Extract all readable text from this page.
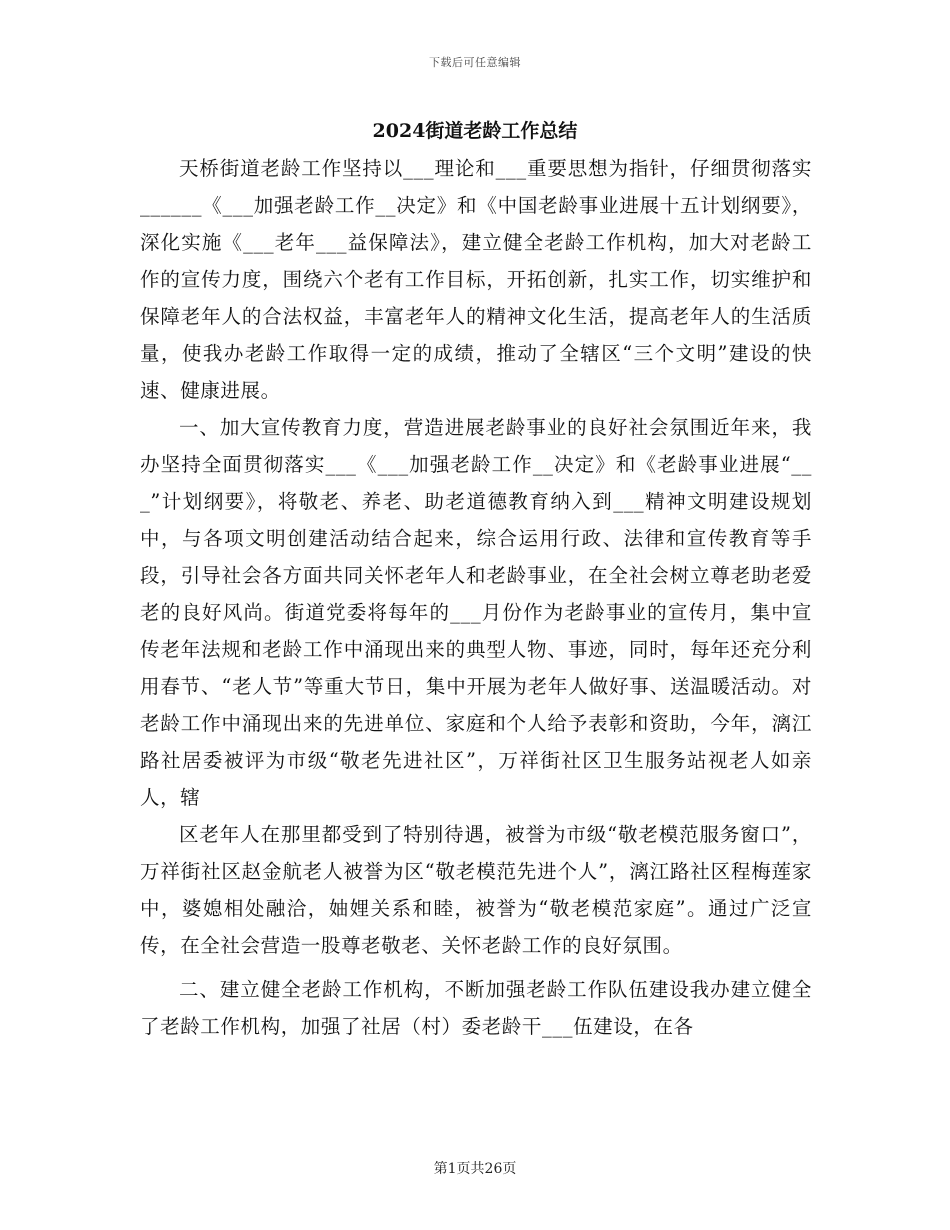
下载后可任意编辑
2024街道老龄工作总结

天桥街道老龄工作坚持以___理论和___重要思想为指针，仔细贯彻落实______《___加强老龄工作__决定》和《中国老龄事业进展十五计划纲要》，深化实施《___老年___益保障法》，建立健全老龄工作机构，加大对老龄工作的宣传力度，围绕六个老有工作目标，开拓创新，扎实工作，切实维护和保障老年人的合法权益，丰富老年人的精神文化生活，提高老年人的生活质量，使我办老龄工作取得一定的成绩，推动了全辖区“三个文明”建设的快速、健康进展。

一、加大宣传教育力度，营造进展老龄事业的良好社会氛围近年来，我办坚持全面贯彻落实___《___加强老龄工作__决定》和《老龄事业进展“___”计划纲要》，将敬老、养老、助老道德教育纳入到___精神文明建设规划中，与各项文明创建活动结合起来，综合运用行政、法律和宣传教育等手段，引导社会各方面共同关怀老年人和老龄事业，在全社会树立尊老助老爱老的良好风尚。街道党委将每年的___月份作为老龄事业的宣传月，集中宣传老年法规和老龄工作中涌现出来的典型人物、事迹，同时，每年还充分利用春节、“老人节”等重大节日，集中开展为老年人做好事、送温暖活动。对老龄工作中涌现出来的先进单位、家庭和个人给予表彰和资助，今年，漓江路社居委被评为市级“敬老先进社区”，万祥街社区卫生服务站视老人如亲人，辖

区老年人在那里都受到了特别待遇，被誉为市级“敬老模范服务窗口”，万祥街社区赵金航老人被誉为区“敬老模范先进个人”，漓江路社区程梅莲家中，婆媳相处融洽，妯娌关系和睦，被誉为“敬老模范家庭”。通过广泛宣传，在全社会营造一股尊老敬老、关怀老龄工作的良好氛围。

二、建立健全老龄工作机构，不断加强老龄工作队伍建设我办建立健全了老龄工作机构，加强了社居（村）委老龄干___伍建设，在各

第1页共26页
